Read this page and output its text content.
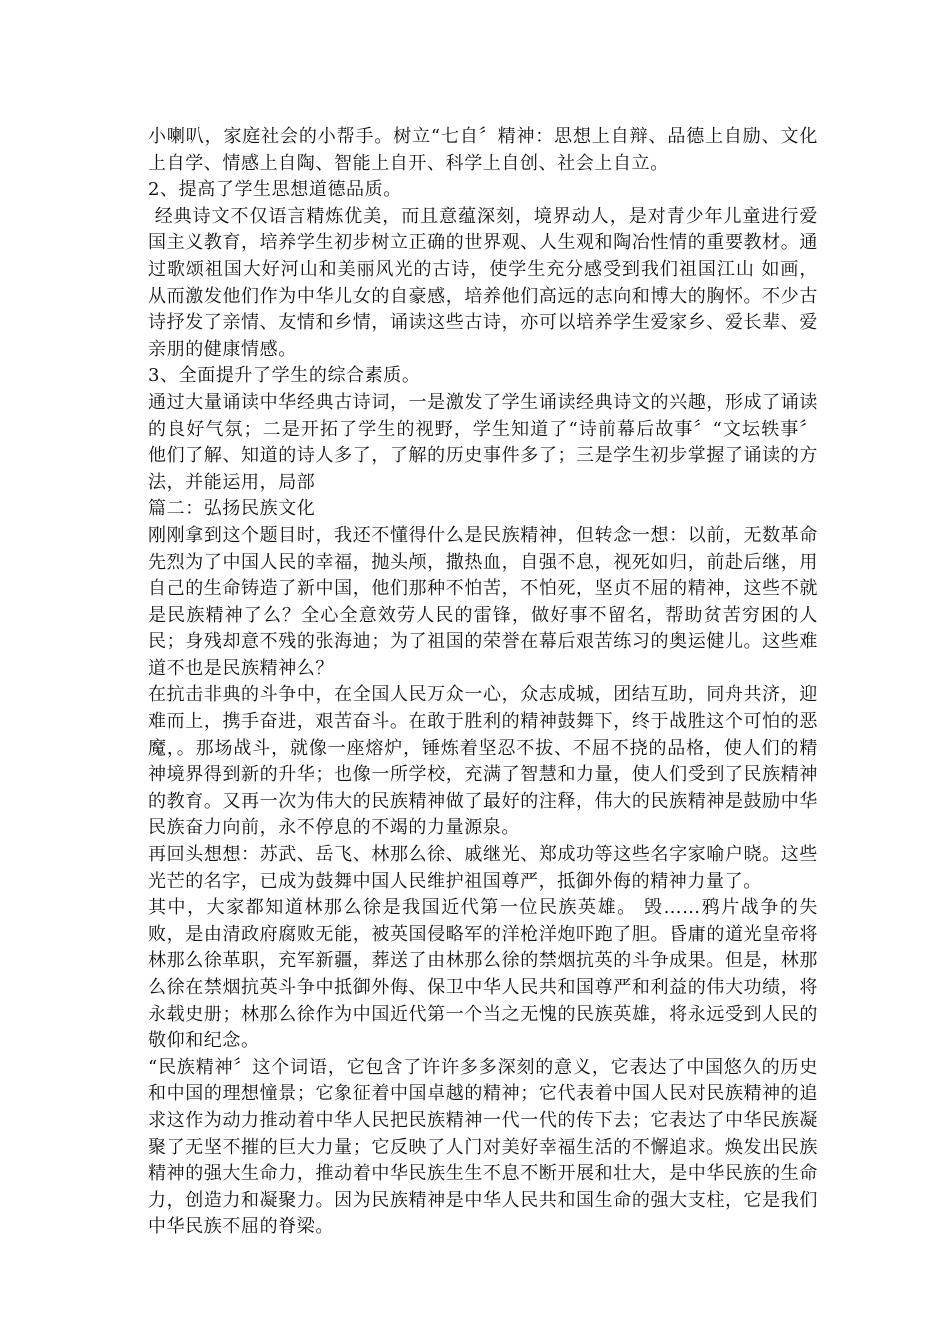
小喇叭，家庭社会的小帮手。树立“七自〞精神：思想上自辩、品德上自励、文化上自学、情感上自陶、智能上自开、科学上自创、社会上自立。

2、提高了学生思想道德品质。

经典诗文不仅语言精炼优美，而且意蕴深刻，境界动人，是对青少年儿童进行爱国主义教育，培养学生初步树立正确的世界观、人生观和陶冶性情的重要教材。通过歌颂祖国大好河山和美丽风光的古诗，使学生充分感受到我们祖国江山 如画，从而激发他们作为中华儿女的自豪感，培养他们高远的志向和博大的胸怀。不少古诗抒发了亲情、友情和乡情，诵读这些古诗，亦可以培养学生爱家乡、爱长辈、爱亲朋的健康情感。

3、全面提升了学生的综合素质。

通过大量诵读中华经典古诗词，一是激发了学生诵读经典诗文的兴趣，形成了诵读的良好气氛；二是开拓了学生的视野，学生知道了“诗前幕后故事〞“文坛轶事〞他们了解、知道的诗人多了，了解的历史事件多了；三是学生初步掌握了诵读的方法，并能运用，局部

篇二：弘扬民族文化

刚刚拿到这个题目时，我还不懂得什么是民族精神，但转念一想：以前，无数革命先烈为了中国人民的幸福，抛头颅，撒热血，自强不息，视死如归，前赴后继，用自己的生命铸造了新中国，他们那种不怕苦，不怕死，坚贞不屈的精神，这些不就是民族精神了么？全心全意效劳人民的雷锋，做好事不留名，帮助贫苦穷困的人民；身残却意不残的张海迪；为了祖国的荣誉在幕后艰苦练习的奥运健儿。这些难道不也是民族精神么？

在抗击非典的斗争中，在全国人民万众一心，众志成城，团结互助，同舟共济，迎难而上，携手奋进，艰苦奋斗。在敢于胜利的精神鼓舞下，终于战胜这个可怕的恶魔，。那场战斗，就像一座熔炉，锤炼着坚忍不拔、不屈不挠的品格，使人们的精神境界得到新的升华；也像一所学校，充满了智慧和力量，使人们受到了民族精神的教育。又再一次为伟大的民族精神做了最好的注释，伟大的民族精神是鼓励中华民族奋力向前，永不停息的不竭的力量源泉。

再回头想想：苏武、岳飞、林那么徐、戚继光、郑成功等这些名字家喻户晓。这些光芒的名字，已成为鼓舞中国人民维护祖国尊严，抵御外侮的精神力量了。

其中，大家都知道林那么徐是我国近代第一位民族英雄。 毁……鸦片战争的失败，是由清政府腐败无能，被英国侵略军的洋枪洋炮吓跑了胆。昏庸的道光皇帝将林那么徐革职，充军新疆，葬送了由林那么徐的禁烟抗英的斗争成果。但是，林那么徐在禁烟抗英斗争中抵御外侮、保卫中华人民共和国尊严和利益的伟大功绩，将永载史册；林那么徐作为中国近代第一个当之无愧的民族英雄，将永远受到人民的敬仰和纪念。

“民族精神〞这个词语，它包含了许许多多深刻的意义，它表达了中国悠久的历史和中国的理想憧景；它象征着中国卓越的精神；它代表着中国人民对民族精神的追求这作为动力推动着中华人民把民族精神一代一代的传下去；它表达了中华民族凝聚了无坚不摧的巨大力量；它反映了人门对美好幸福生活的不懈追求。焕发出民族精神的强大生命力，推动着中华民族生生不息不断开展和壮大，是中华民族的生命力，创造力和凝聚力。因为民族精神是中华人民共和国生命的强大支柱，它是我们中华民族不屈的脊梁。
